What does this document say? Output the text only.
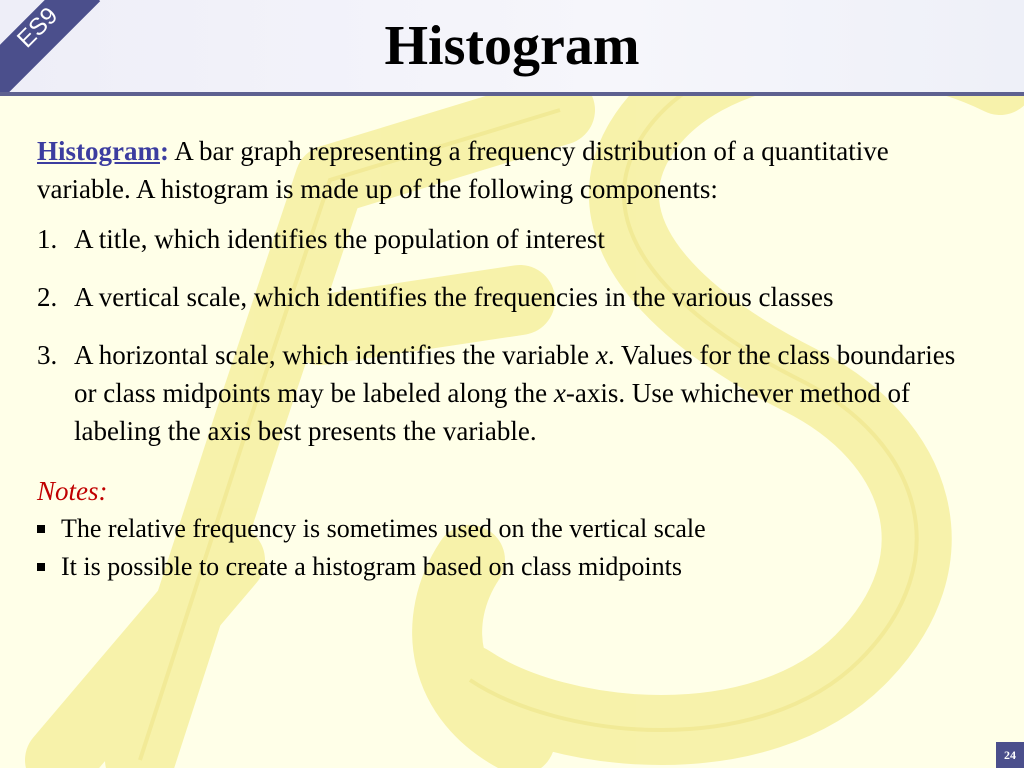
ES9	Histogram

Histogram: A bar graph representing a frequency distribution of a quantitative variable. A histogram is made up of the following components:

1. A title, which identifies the population of interest
2. A vertical scale, which identifies the frequencies in the various classes
3. A horizontal scale, which identifies the variable x. Values for the class boundaries or class midpoints may be labeled along the x-axis. Use whichever method of labeling the axis best presents the variable.
Notes:
The relative frequency is sometimes used on the vertical scale
It is possible to create a histogram based on class midpoints
24
